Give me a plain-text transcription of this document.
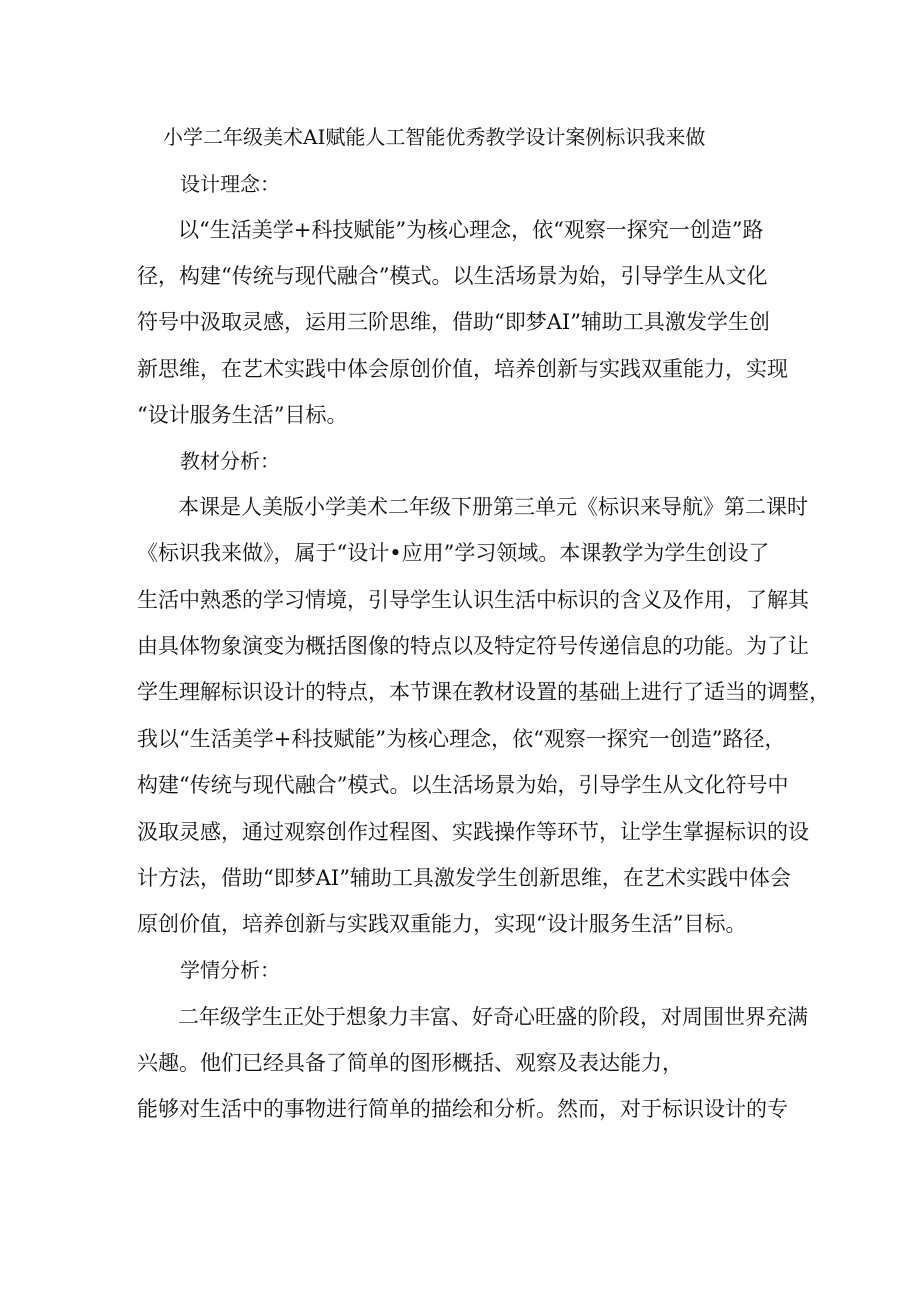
小学二年级美术AI赋能人工智能优秀教学设计案例标识我来做
设计理念：
以“生活美学+科技赋能”为核心理念，依“观察一探究一创造”路
径，构建“传统与现代融合”模式。以生活场景为始，引导学生从文化
符号中汲取灵感，运用三阶思维，借助“即梦AI”辅助工具激发学生创
新思维，在艺术实践中体会原创价值，培养创新与实践双重能力，实现
“设计服务生活”目标。
教材分析：
本课是人美版小学美术二年级下册第三单元《标识来导航》第二课时
《标识我来做》，属于“设计•应用”学习领域。本课教学为学生创设了
生活中熟悉的学习情境，引导学生认识生活中标识的含义及作用，了解其
由具体物象演变为概括图像的特点以及特定符号传递信息的功能。为了让
学生理解标识设计的特点，本节课在教材设置的基础上进行了适当的调整，
我以“生活美学+科技赋能”为核心理念，依“观察一探究一创造”路径，
构建“传统与现代融合”模式。以生活场景为始，引导学生从文化符号中
汲取灵感，通过观察创作过程图、实践操作等环节，让学生掌握标识的设
计方法，借助“即梦AI”辅助工具激发学生创新思维，在艺术实践中体会
原创价值，培养创新与实践双重能力，实现“设计服务生活”目标。
学情分析：
二年级学生正处于想象力丰富、好奇心旺盛的阶段，对周围世界充满
兴趣。他们已经具备了简单的图形概括、观察及表达能力，
能够对生活中的事物进行简单的描绘和分析。然而，对于标识设计的专
